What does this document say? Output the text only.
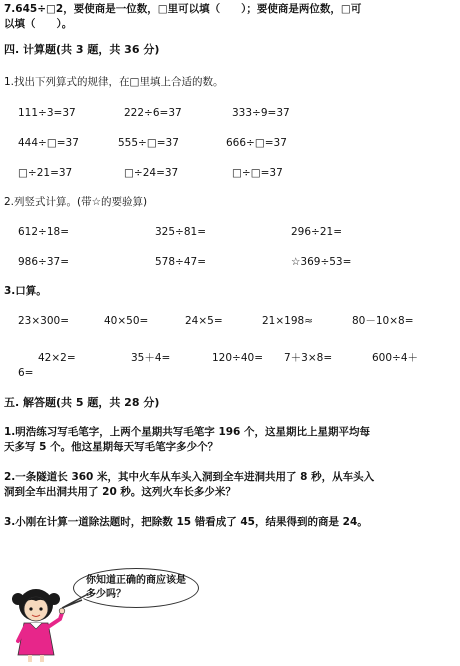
7.645÷□2，要使商是一位数，□里可以填（　　）；要使商是两位数，□可
以填（　　）。
四. 计算题(共 3 题，共 36 分)
1.找出下列算式的规律，在□里填上合适的数。
111÷3=37	222÷6=37	333÷9=37
444÷□=37	555÷□=37	666÷□=37
□÷21=37	□÷24=37	□÷□=37
2.列竖式计算。(带☆的要验算)
612÷18=	325÷81=	296÷21=
986÷37=	578÷47=	☆369÷53=
3.口算。
23×300=	40×50=	24×5=	21×198≈	80－10×8=
42×2=	35＋4=	120÷40= 7＋3×8=	600÷4＋
6=
五. 解答题(共 5 题，共 28 分)
1.明浩练习写毛笔字，上两个星期共写毛笔字 196 个，这星期比上星期平均每
天多写 5 个。他这星期每天写毛笔字多少个？
2.一条隧道长 360 米，其中火车从车头入洞到全车进洞共用了 8 秒，从车头入
洞到全车出洞共用了 20 秒。这列火车长多少米？
3.小刚在计算一道除法题时，把除数 15 错看成了 45，结果得到的商是 24。
你知道正确的商应该是
多少吗？
